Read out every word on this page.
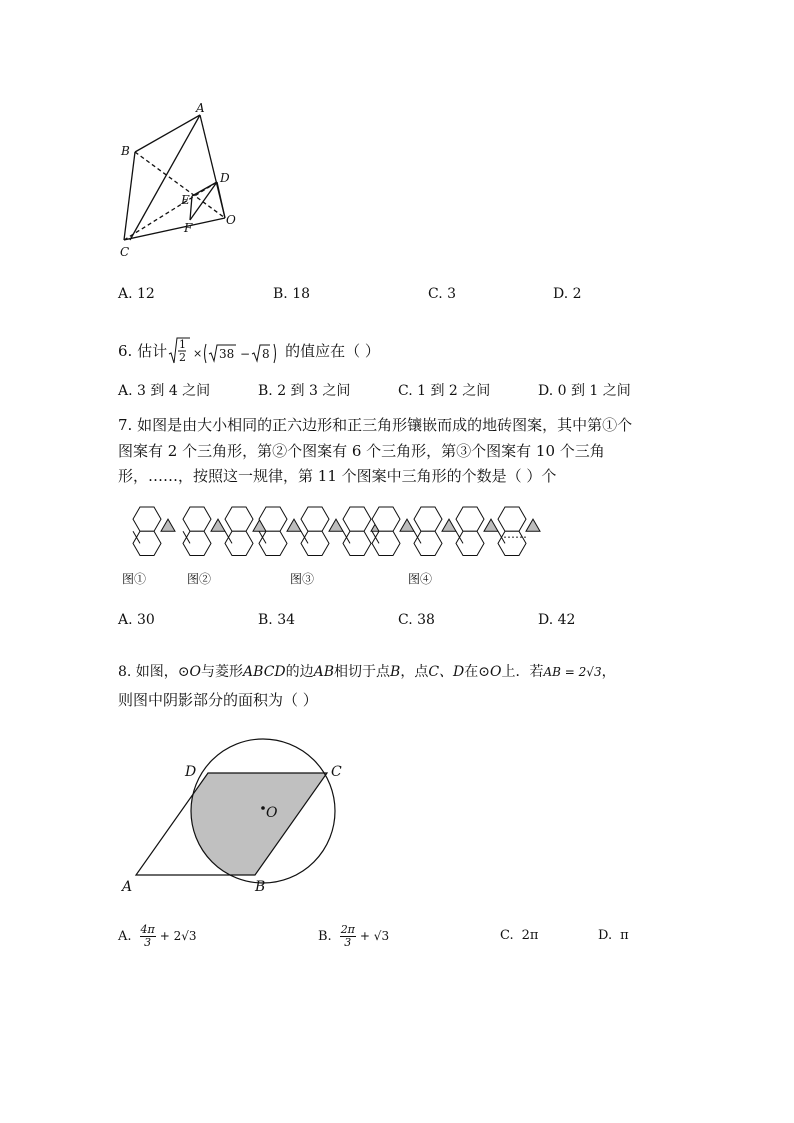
A
B
C
D
E
F
O
A. 12	B. 18	C. 3	D. 2
6. 估计 1
2 × 38 − 8 的值应在（ ）
A. 3 到 4 之间	B. 2 到 3 之间	C. 1 到 2 之间	D. 0 到 1 之间
7. 如图是由大小相同的正六边形和正三角形镶嵌而成的地砖图案，其中第①个
图案有 2 个三角形，第②个图案有 6 个三角形，第③个图案有 10 个三角
形，……，按照这一规律，第 11 个图案中三角形的个数是（ ）个
图①	图②	图③	图④
……
A. 30	B. 34	C. 38	D. 42
8. 如图，⊙O与菱形ABCD的边AB相切于点B，点C、D在⊙O上．若AB = 2√3，
则图中阴影部分的面积为（ ）
A	B
C
D
O
A. $\frac{4\pi}{3} + 2√3$	B. $\frac{2\pi}{3} + √3$	C. 2π	D. π
